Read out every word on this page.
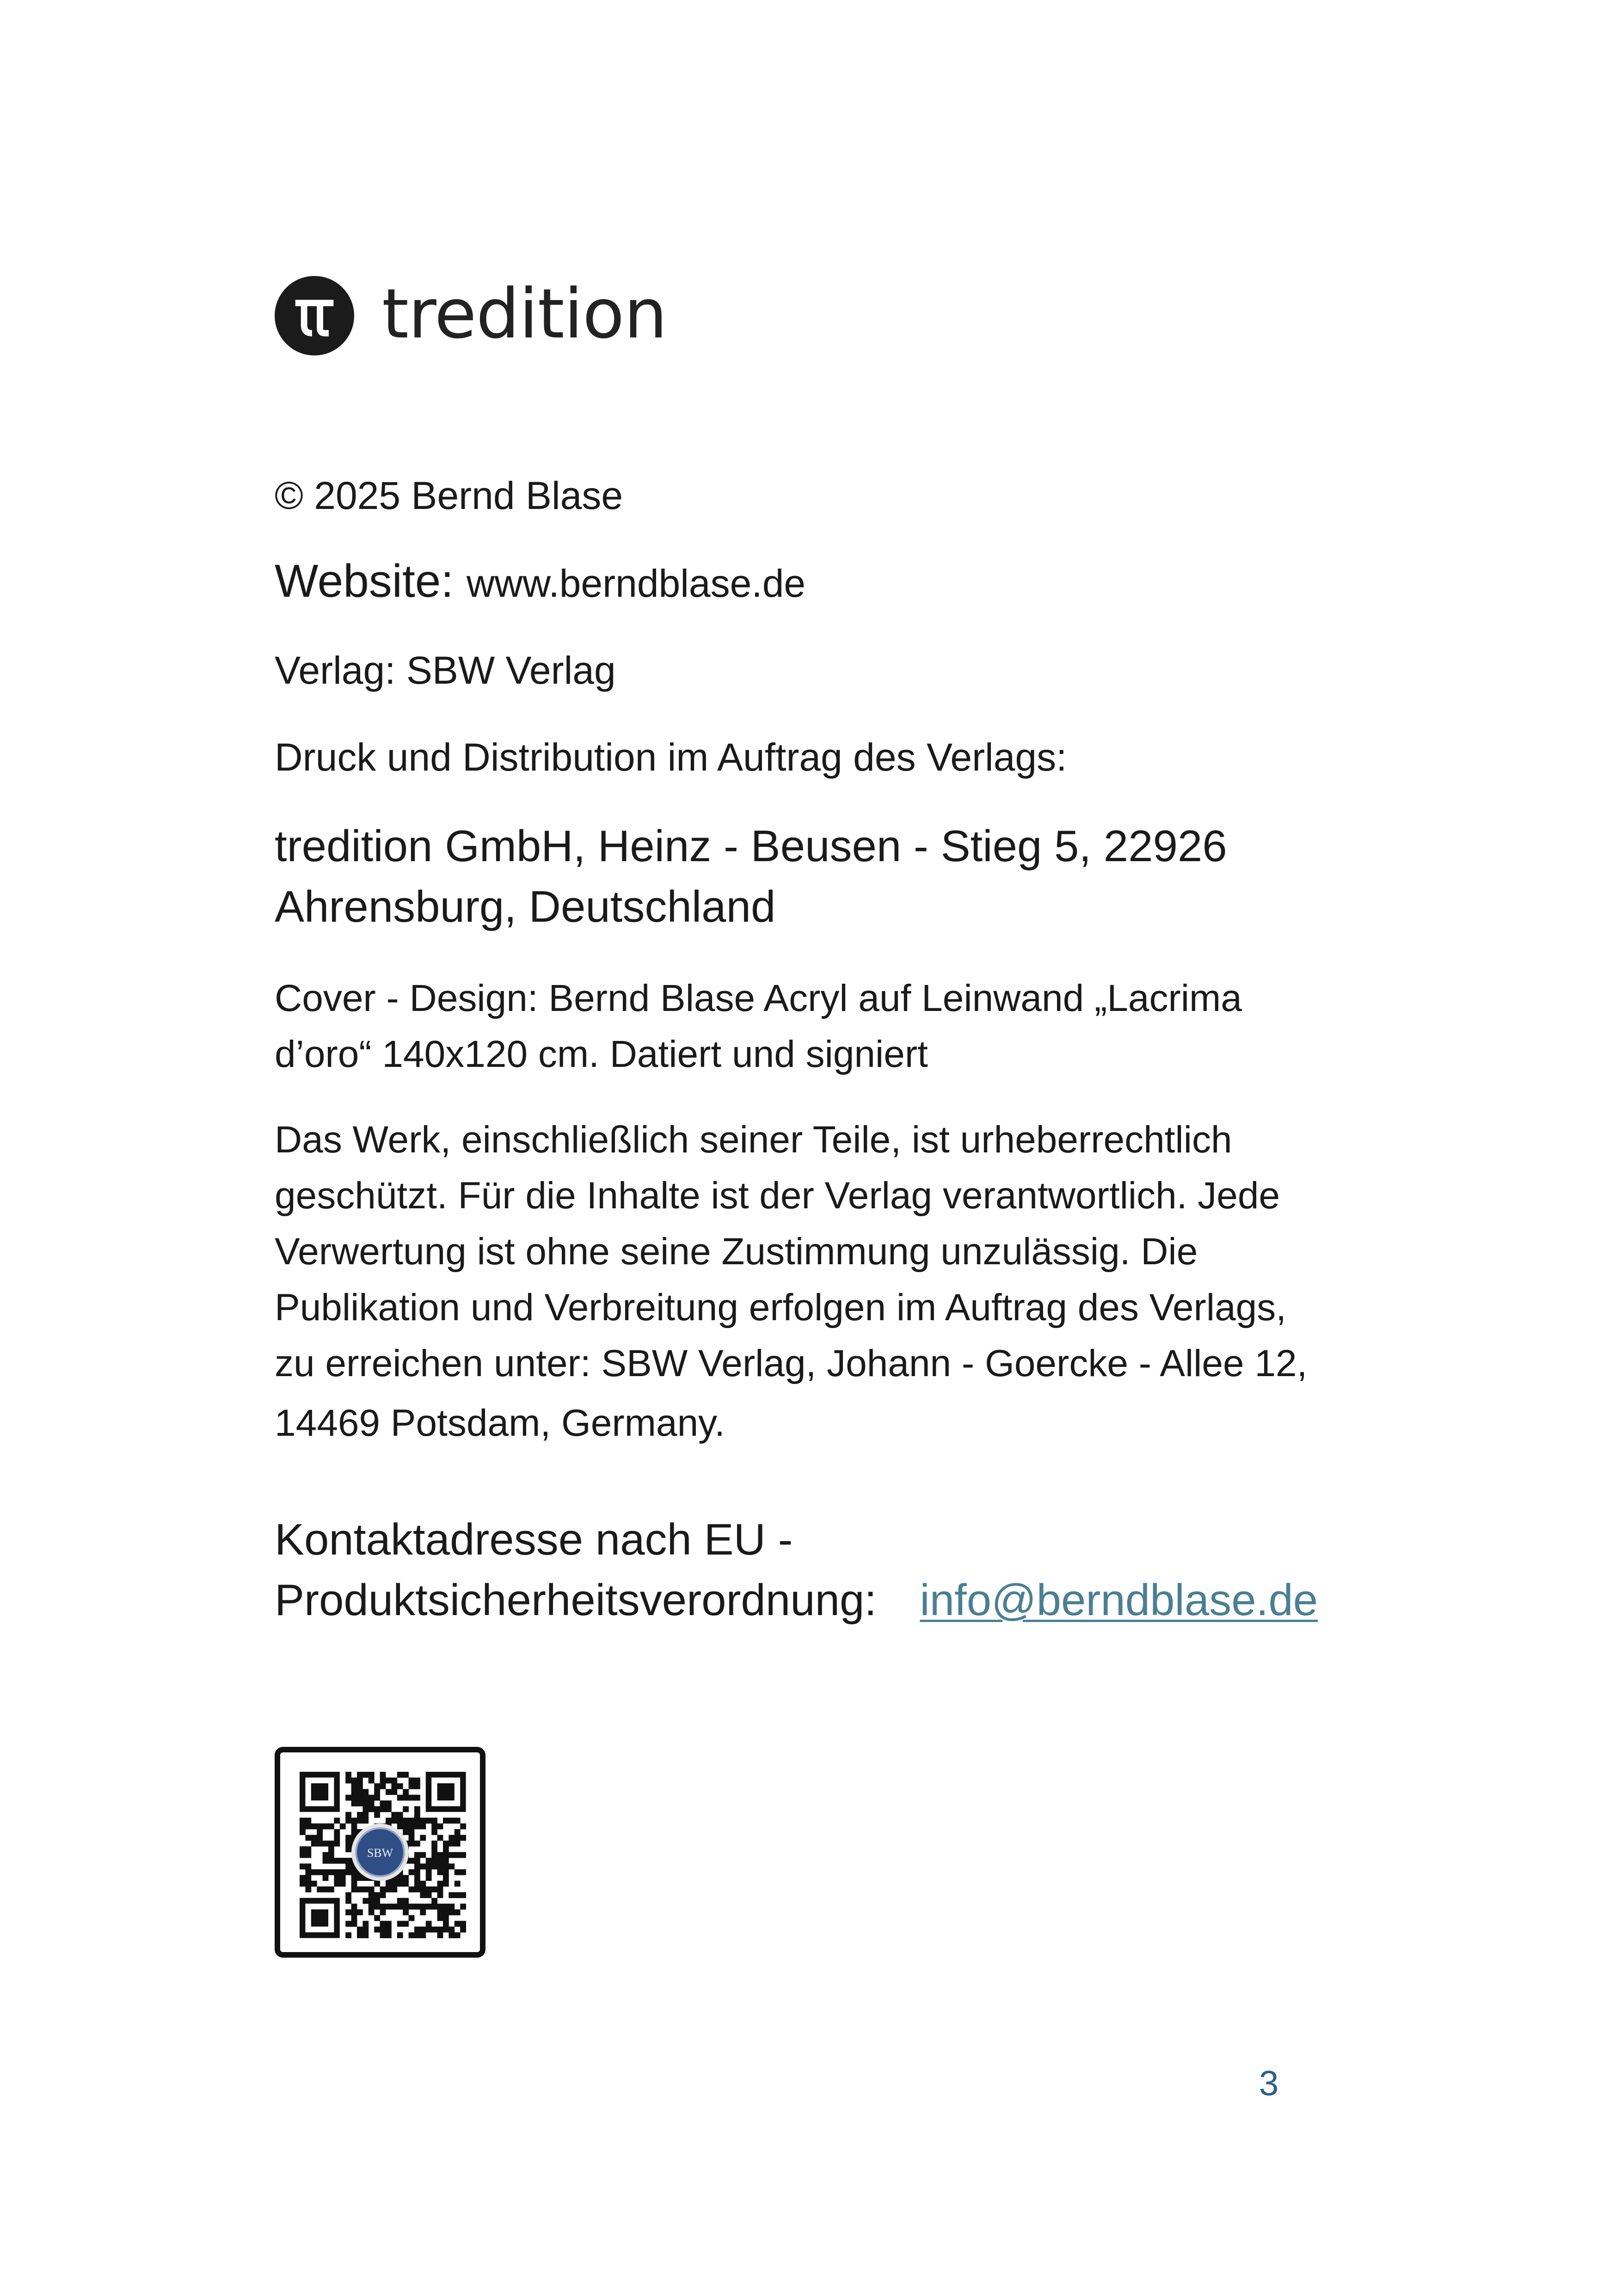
tredition
© 2025 Bernd Blase
Website: www.berndblase.de
Verlag: SBW Verlag
Druck und Distribution im Auftrag des Verlags:
tredition GmbH, Heinz - Beusen - Stieg 5, 22926
Ahrensburg, Deutschland
Cover - Design: Bernd Blase Acryl auf Leinwand „Lacrima
d’oro“ 140x120 cm. Datiert und signiert
Das Werk, einschließlich seiner Teile, ist urheberrechtlich
geschützt. Für die Inhalte ist der Verlag verantwortlich. Jede
Verwertung ist ohne seine Zustimmung unzulässig. Die
Publikation und Verbreitung erfolgen im Auftrag des Verlags,
zu erreichen unter: SBW Verlag, Johann - Goercke - Allee 12,
14469 Potsdam, Germany.
Kontaktadresse nach EU -
Produktsicherheitsverordnung: info@berndblase.de
SBW
3
